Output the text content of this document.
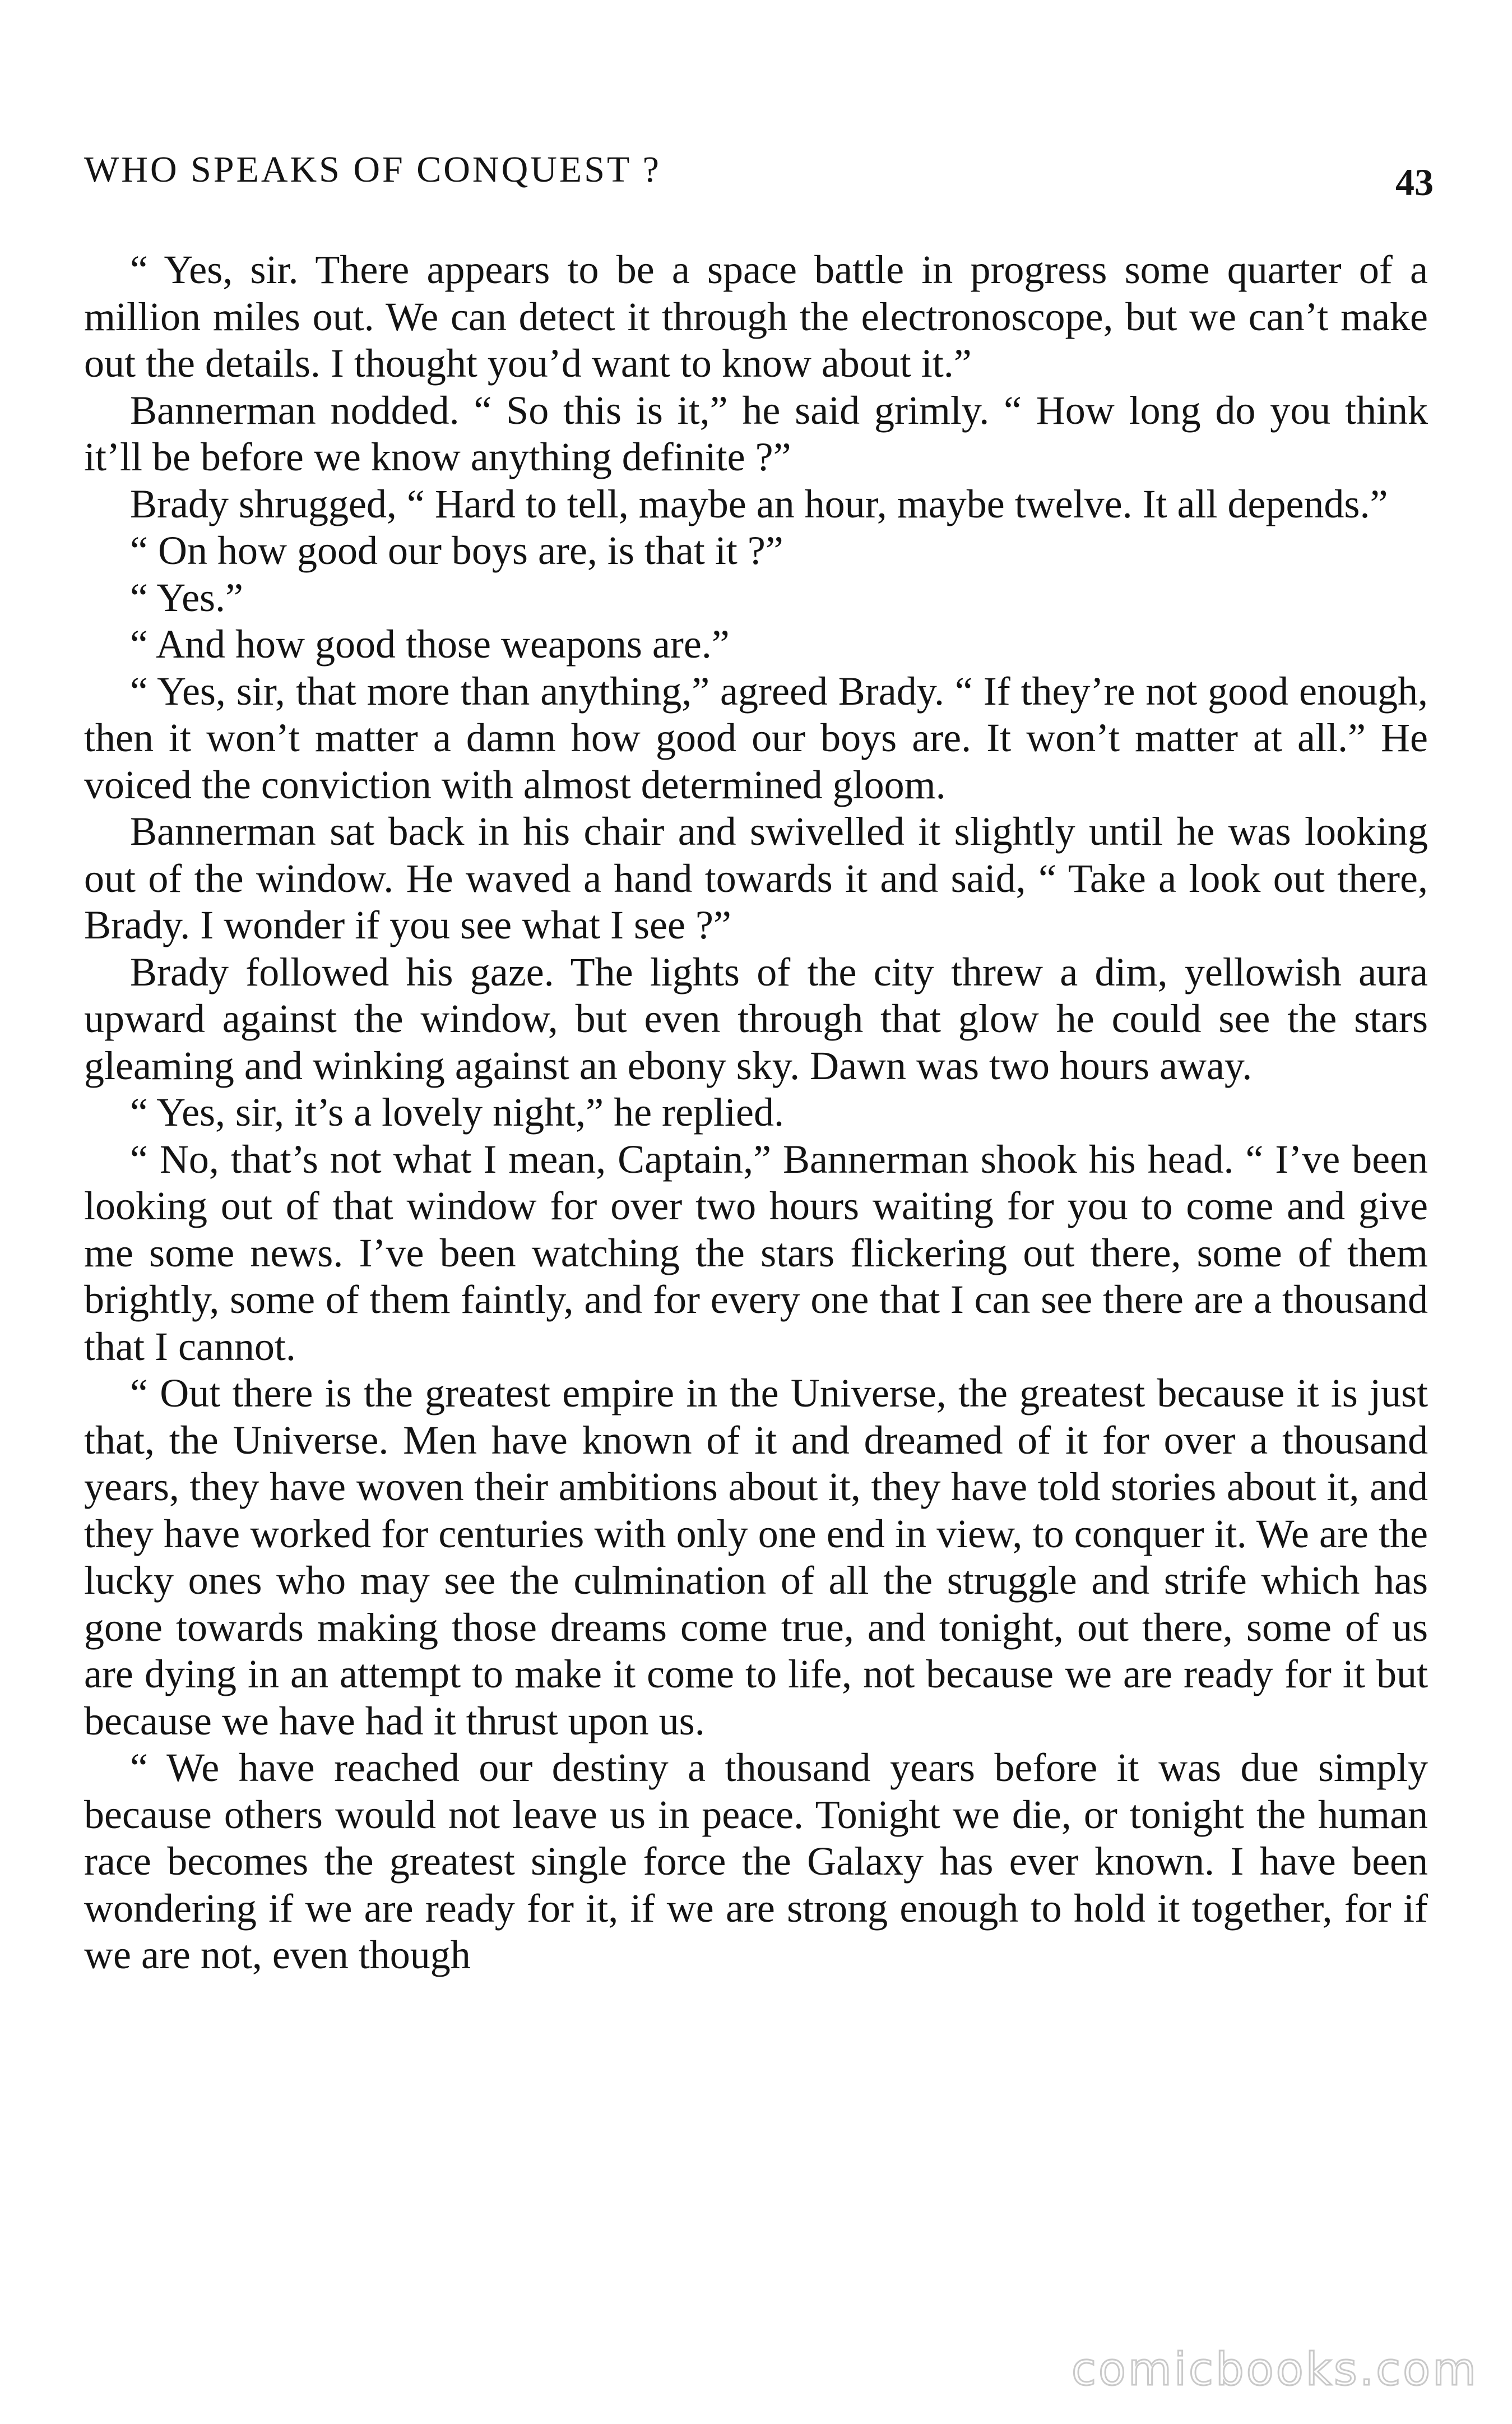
WHO SPEAKS OF CONQUEST ?	43

“ Yes, sir. There appears to be a space battle in progress some quarter of a million miles out. We can detect it through the electronoscope, but we can’t make out the details. I thought you’d want to know about it.”

Bannerman nodded. “ So this is it,” he said grimly. “ How long do you think it’ll be before we know anything definite ?”

Brady shrugged, “ Hard to tell, maybe an hour, maybe twelve. It all depends.”

“ On how good our boys are, is that it ?”

“ Yes.”

“ And how good those weapons are.”

“ Yes, sir, that more than anything,” agreed Brady. “ If they’re not good enough, then it won’t matter a damn how good our boys are. It won’t matter at all.” He voiced the conviction with almost determined gloom.

Bannerman sat back in his chair and swivelled it slightly until he was looking out of the window. He waved a hand towards it and said, “ Take a look out there, Brady. I wonder if you see what I see ?”

Brady followed his gaze. The lights of the city threw a dim, yellowish aura upward against the window, but even through that glow he could see the stars gleaming and winking against an ebony sky. Dawn was two hours away.

“ Yes, sir, it’s a lovely night,” he replied.

“ No, that’s not what I mean, Captain,” Bannerman shook his head. “ I’ve been looking out of that window for over two hours waiting for you to come and give me some news. I’ve been watching the stars flickering out there, some of them brightly, some of them faintly, and for every one that I can see there are a thousand that I cannot.

“ Out there is the greatest empire in the Universe, the greatest because it is just that, the Universe. Men have known of it and dreamed of it for over a thousand years, they have woven their ambitions about it, they have told stories about it, and they have worked for centuries with only one end in view, to conquer it. We are the lucky ones who may see the culmination of all the struggle and strife which has gone towards making those dreams come true, and tonight, out there, some of us are dying in an attempt to make it come to life, not because we are ready for it but because we have had it thrust upon us.

“ We have reached our destiny a thousand years before it was due simply because others would not leave us in peace. Tonight we die, or tonight the human race becomes the greatest single force the Galaxy has ever known. I have been wondering if we are ready for it, if we are strong enough to hold it together, for if we are not, even though

comicbooks.com
